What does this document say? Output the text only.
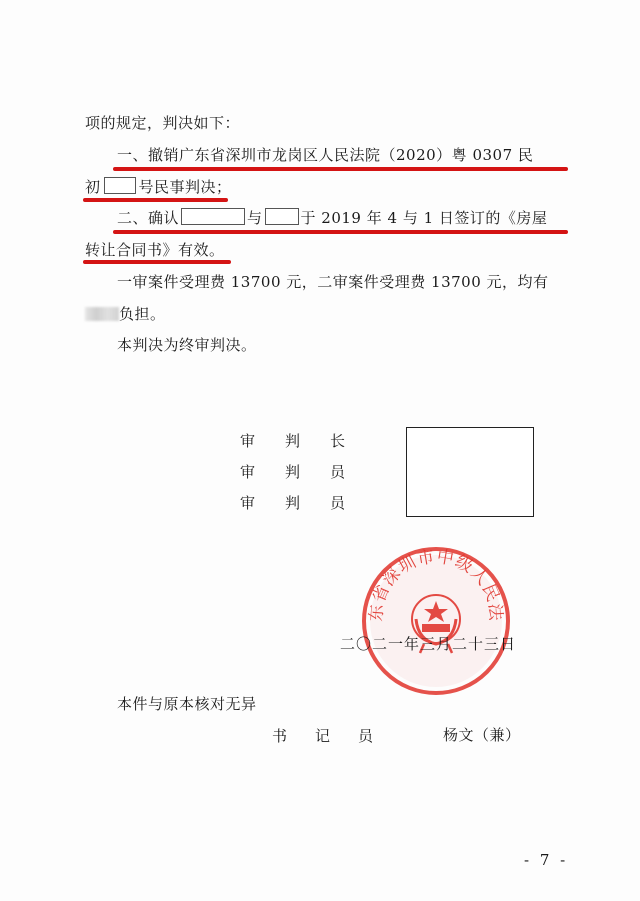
项的规定，判决如下：
一、撤销广东省深圳市龙岗区人民法院（2020）粤 0307 民
初	号民事判决；
二、确认	与	于 2019 年 4 与 1 日签订的《房屋
转让合同书》有效。
一审案件受理费 13700 元，二审案件受理费 13700 元，均有
负担。
本判决为终审判决。
审判长
审判员
审判员
东省深圳市中级人民法
二〇二一年三月二十三日
本件与原本核对无异
书记员	杨文（兼）
- 7 -
